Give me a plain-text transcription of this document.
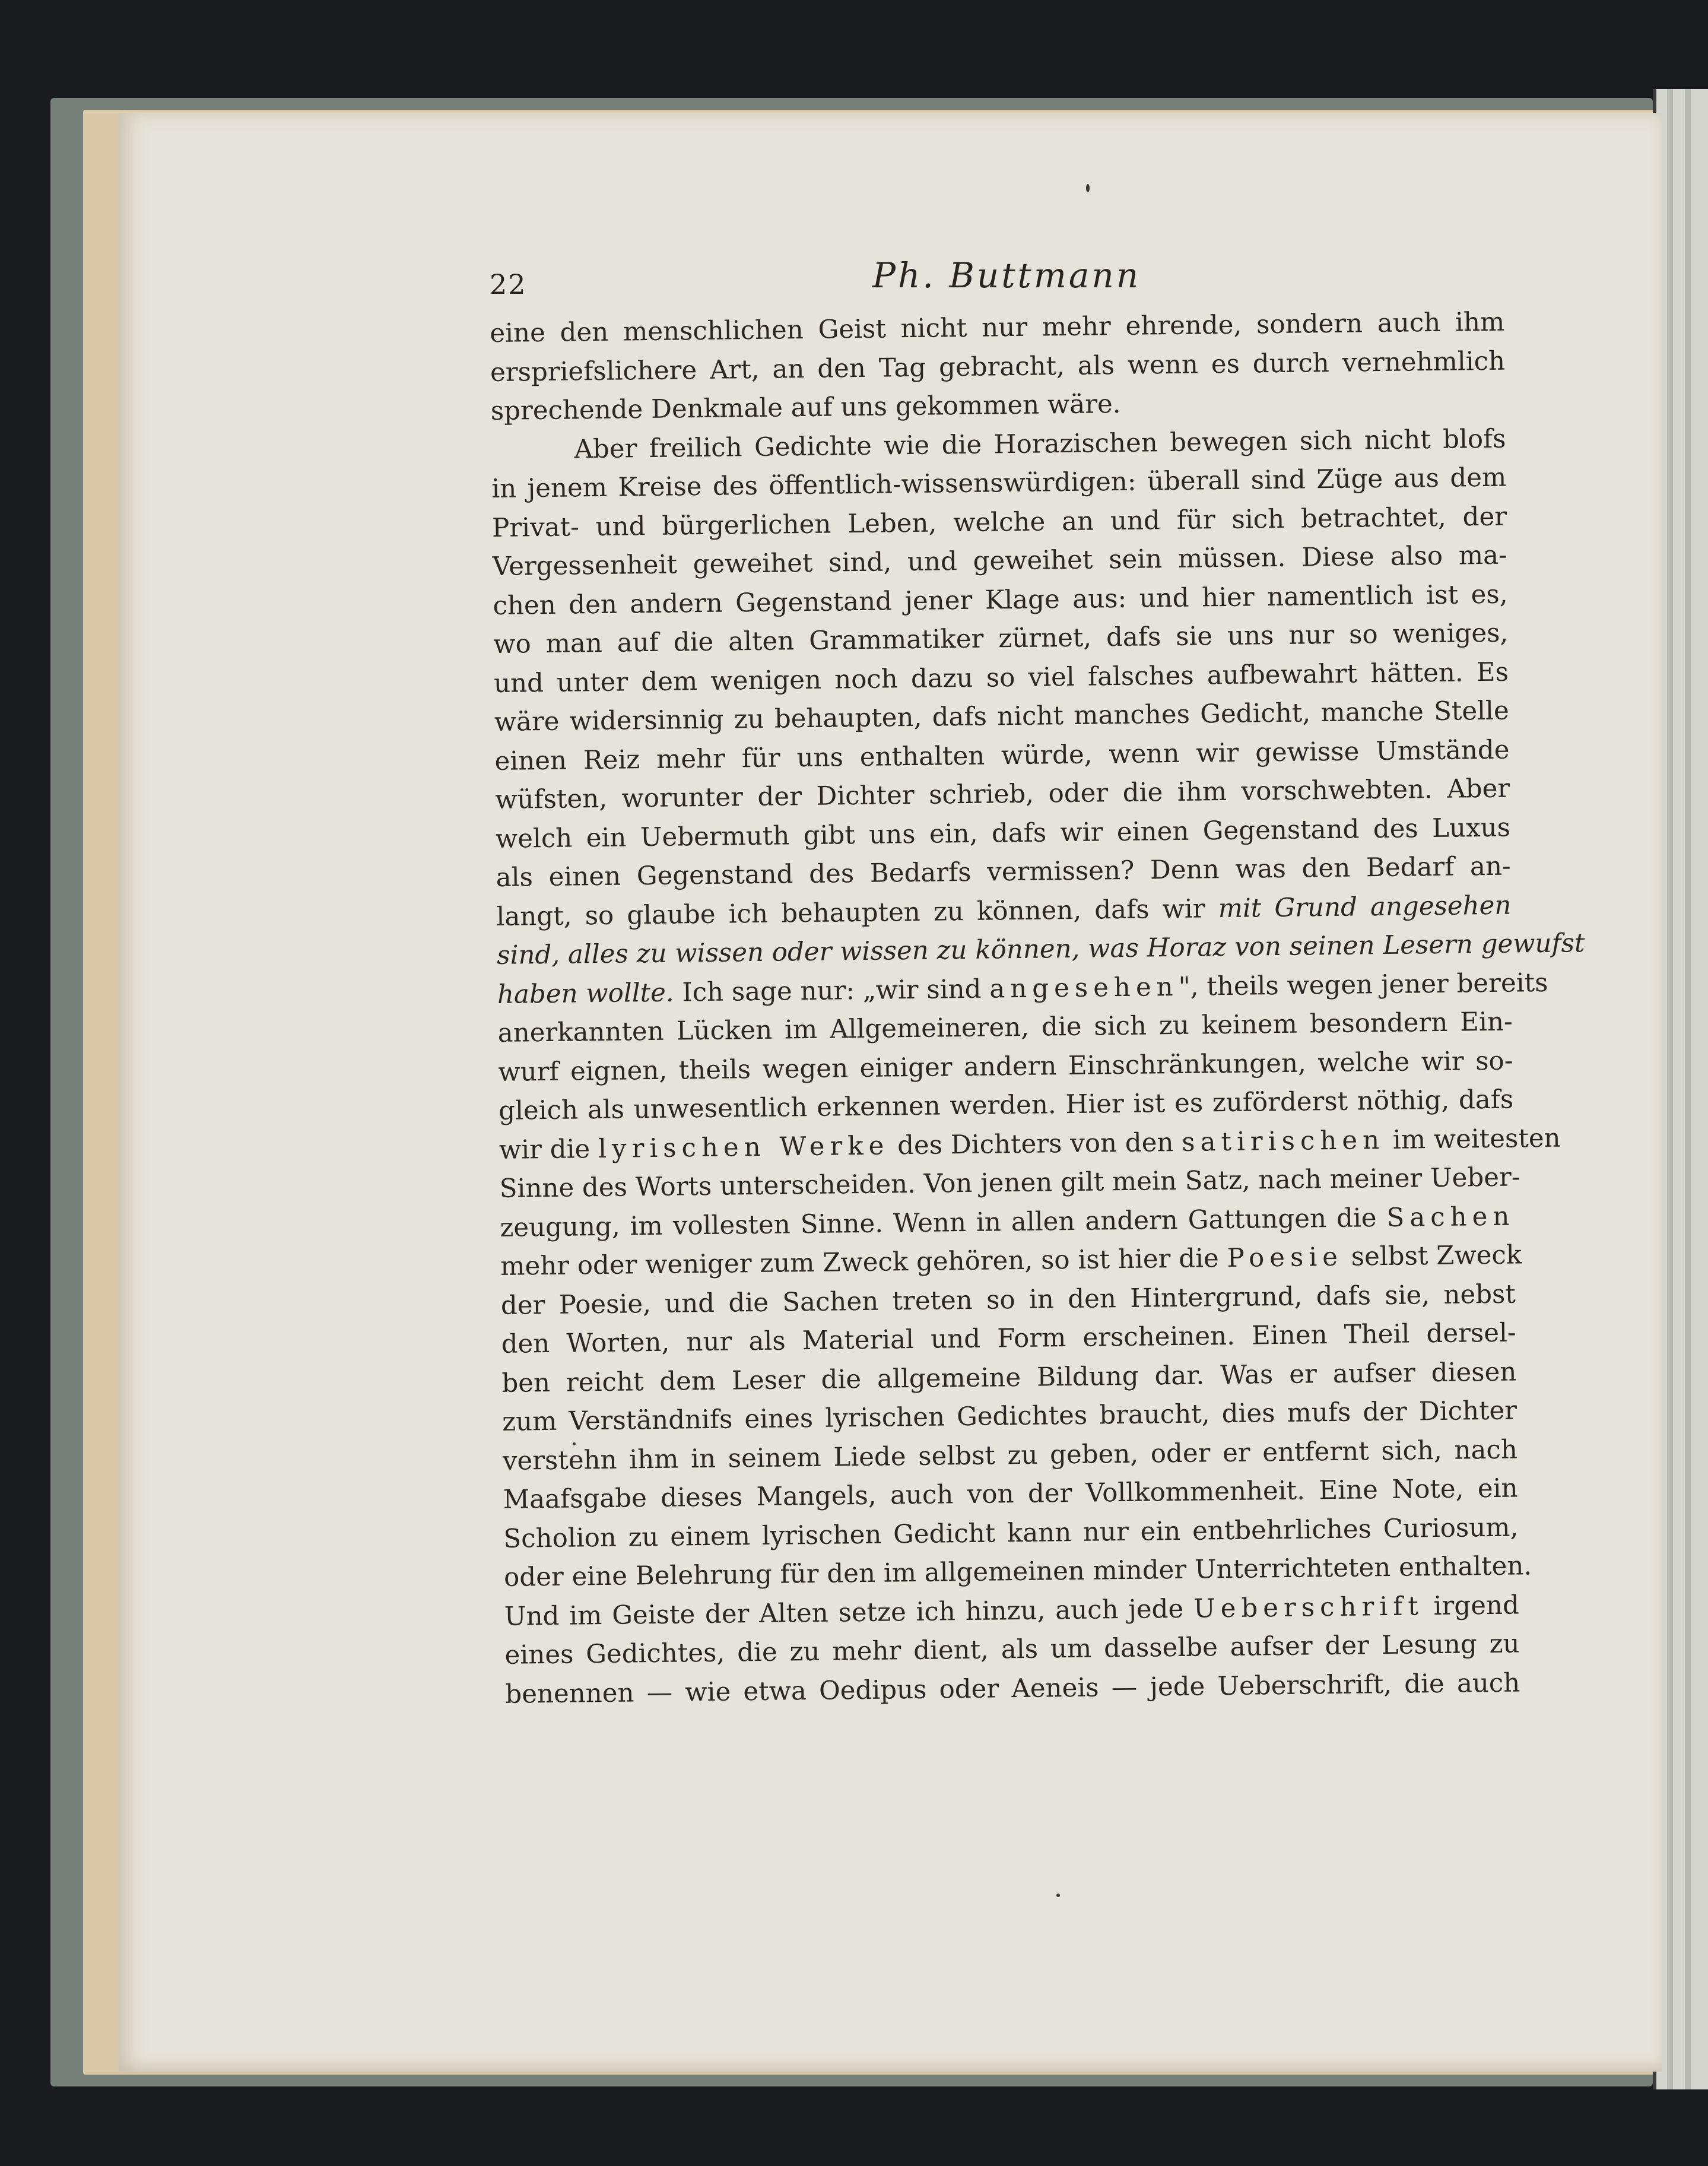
22	Ph. Buttmann
eine den menschlichen Geist nicht nur mehr ehrende, sondern auch ihm
erspriefslichere Art, an den Tag gebracht, als wenn es durch vernehmlich
sprechende Denkmale auf uns gekommen wäre.
Aber freilich Gedichte wie die Horazischen bewegen sich nicht blofs
in jenem Kreise des öffentlich-wissenswürdigen: überall sind Züge aus dem
Privat- und bürgerlichen Leben, welche an und für sich betrachtet, der
Vergessenheit geweihet sind, und geweihet sein müssen. Diese also ma-
chen den andern Gegenstand jener Klage aus: und hier namentlich ist es,
wo man auf die alten Grammatiker zürnet, dafs sie uns nur so weniges,
und unter dem wenigen noch dazu so viel falsches aufbewahrt hätten. Es
wäre widersinnig zu behaupten, dafs nicht manches Gedicht, manche Stelle
einen Reiz mehr für uns enthalten würde, wenn wir gewisse Umstände
wüfsten, worunter der Dichter schrieb, oder die ihm vorschwebten. Aber
welch ein Uebermuth gibt uns ein, dafs wir einen Gegenstand des Luxus
als einen Gegenstand des Bedarfs vermissen? Denn was den Bedarf an-
langt, so glaube ich behaupten zu können, dafs wir mit Grund angesehen
sind, alles zu wissen oder wissen zu können, was Horaz von seinen Lesern gewufst
haben wollte. Ich sage nur: „wir sind angesehen", theils wegen jener bereits
anerkannten Lücken im Allgemeineren, die sich zu keinem besondern Ein-
wurf eignen, theils wegen einiger andern Einschränkungen, welche wir so-
gleich als unwesentlich erkennen werden. Hier ist es zuförderst nöthig, dafs
wir die lyrischen Werke des Dichters von den satirischen im weitesten
Sinne des Worts unterscheiden. Von jenen gilt mein Satz, nach meiner Ueber-
zeugung, im vollesten Sinne. Wenn in allen andern Gattungen die Sachen
mehr oder weniger zum Zweck gehören, so ist hier die Poesie selbst Zweck
der Poesie, und die Sachen treten so in den Hintergrund, dafs sie, nebst
den Worten, nur als Material und Form erscheinen. Einen Theil dersel-
ben reicht dem Leser die allgemeine Bildung dar. Was er aufser diesen
zum Verständnifs eines lyrischen Gedichtes braucht, dies mufs der Dichter
verstehn ihm in seinem Liede selbst zu geben, oder er entfernt sich, nach
Maafsgabe dieses Mangels, auch von der Vollkommenheit. Eine Note, ein
Scholion zu einem lyrischen Gedicht kann nur ein entbehrliches Curiosum,
oder eine Belehrung für den im allgemeinen minder Unterrichteten enthalten.
Und im Geiste der Alten setze ich hinzu, auch jede Ueberschrift irgend
eines Gedichtes, die zu mehr dient, als um dasselbe aufser der Lesung zu
benennen — wie etwa Oedipus oder Aeneis — jede Ueberschrift, die auch
